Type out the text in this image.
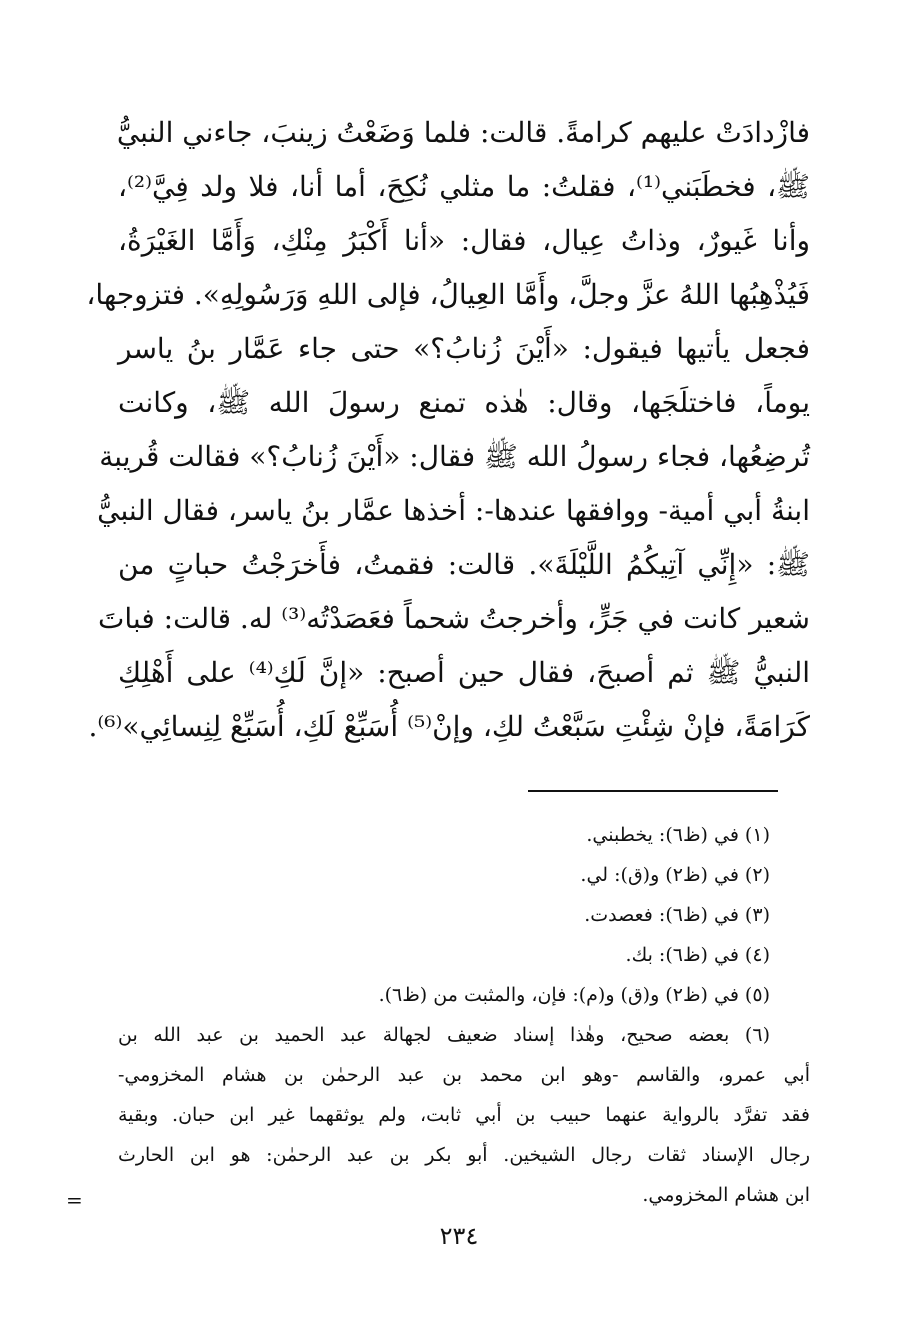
فازْدادَتْ عليهم كرامةً. قالت: فلما وَضَعْتُ زينبَ، جاءني النبيُّ
ﷺ، فخطَبَني⁽¹⁾، فقلتُ: ما مثلي نُكِحَ، أما أنا، فلا ولد فِيَّ⁽²⁾،
وأنا غَيورٌ، وذاتُ عِيال، فقال: «أنا أَكْبَرُ مِنْكِ، وَأَمَّا الغَيْرَةُ،
فَيُذْهِبُها اللهُ عزَّ وجلَّ، وأَمَّا العِيالُ، فإلى اللهِ وَرَسُولِهِ». فتزوجها،
فجعل يأتيها فيقول: «أَيْنَ زُنابُ؟» حتى جاء عَمَّار بنُ ياسر
يوماً، فاختلَجَها، وقال: هٰذه تمنع رسولَ الله ﷺ، وكانت
تُرضِعُها، فجاء رسولُ الله ﷺ فقال: «أَيْنَ زُنابُ؟» فقالت قُريبة
ابنةُ أبي أمية- ووافقها عندها-: أخذها عمَّار بنُ ياسر، فقال النبيُّ
ﷺ: «إِنِّي آتِيكُمُ اللَّيْلَةَ». قالت: فقمتُ، فأَخرَجْتُ حباتٍ من
شعير كانت في جَرٍّ، وأخرجتُ شحماً فعَصَدْتُه⁽³⁾ له. قالت: فباتَ
النبيُّ ﷺ ثم أصبحَ، فقال حين أصبح: «إنَّ لَكِ⁽⁴⁾ على أَهْلِكِ
كَرَامَةً، فإنْ شِئْتِ سَبَّعْتُ لكِ، وإنْ⁽⁵⁾ أُسَبِّعْ لَكِ، أُسَبِّعْ لِنِسائِي»⁽⁶⁾.
(١) في (ظ٦): يخطبني.
(٢) في (ظ٢) و(ق): لي.
(٣) في (ظ٦): فعصدت.
(٤) في (ظ٦): بك.
(٥) في (ظ٢) و(ق) و(م): فإن، والمثبت من (ظ٦).
(٦) بعضه صحيح، وهٰذا إسناد ضعيف لجهالة عبد الحميد بن عبد الله بن
أبي عمرو، والقاسم -وهو ابن محمد بن عبد الرحمٰن بن هشام المخزومي-
فقد تفرَّد بالرواية عنهما حبيب بن أبي ثابت، ولم يوثقهما غير ابن حبان. وبقية
رجال الإسناد ثقات رجال الشيخين. أبو بكر بن عبد الرحمٰن: هو ابن الحارث
ابن هشام المخزومي.
=
٢٣٤
